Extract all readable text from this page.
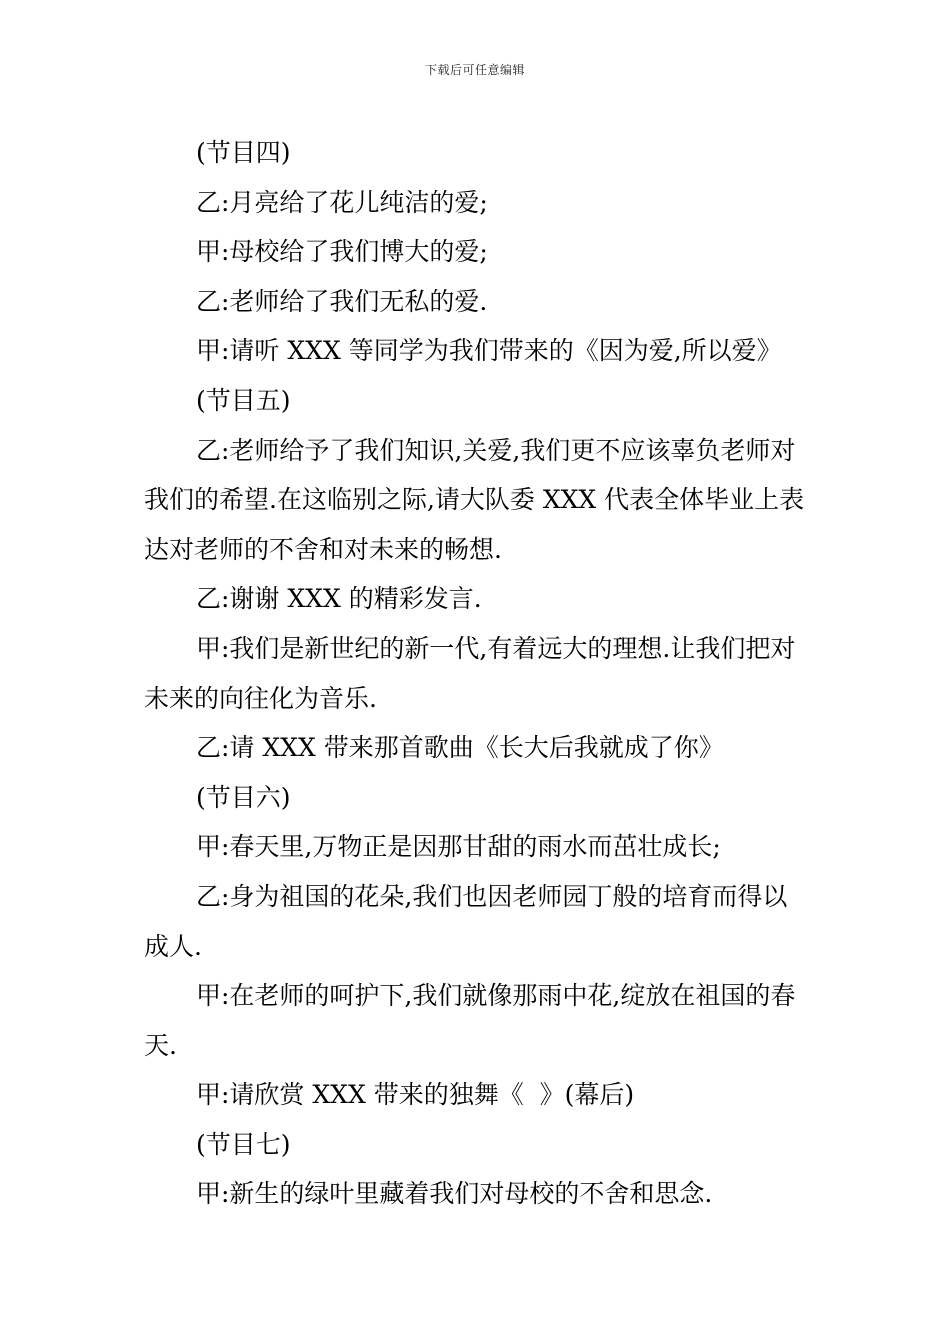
下载后可任意编辑

(节目四)

乙:月亮给了花儿纯洁的爱;

甲:母校给了我们博大的爱;

乙:老师给了我们无私的爱.

甲:请听 XXX 等同学为我们带来的《因为爱,所以爱》

(节目五)

乙:老师给予了我们知识,关爱,我们更不应该辜负老师对我们的希望.在这临别之际,请大队委 XXX 代表全体毕业上表达对老师的不舍和对未来的畅想.

乙:谢谢 XXX 的精彩发言.

甲:我们是新世纪的新一代,有着远大的理想.让我们把对未来的向往化为音乐.

乙:请 XXX 带来那首歌曲《长大后我就成了你》

(节目六)

甲:春天里,万物正是因那甘甜的雨水而茁壮成长;

乙:身为祖国的花朵,我们也因老师园丁般的培育而得以成人.

甲:在老师的呵护下,我们就像那雨中花,绽放在祖国的春天.

甲:请欣赏 XXX 带来的独舞《  》(幕后)

(节目七)

甲:新生的绿叶里藏着我们对母校的不舍和思念.
